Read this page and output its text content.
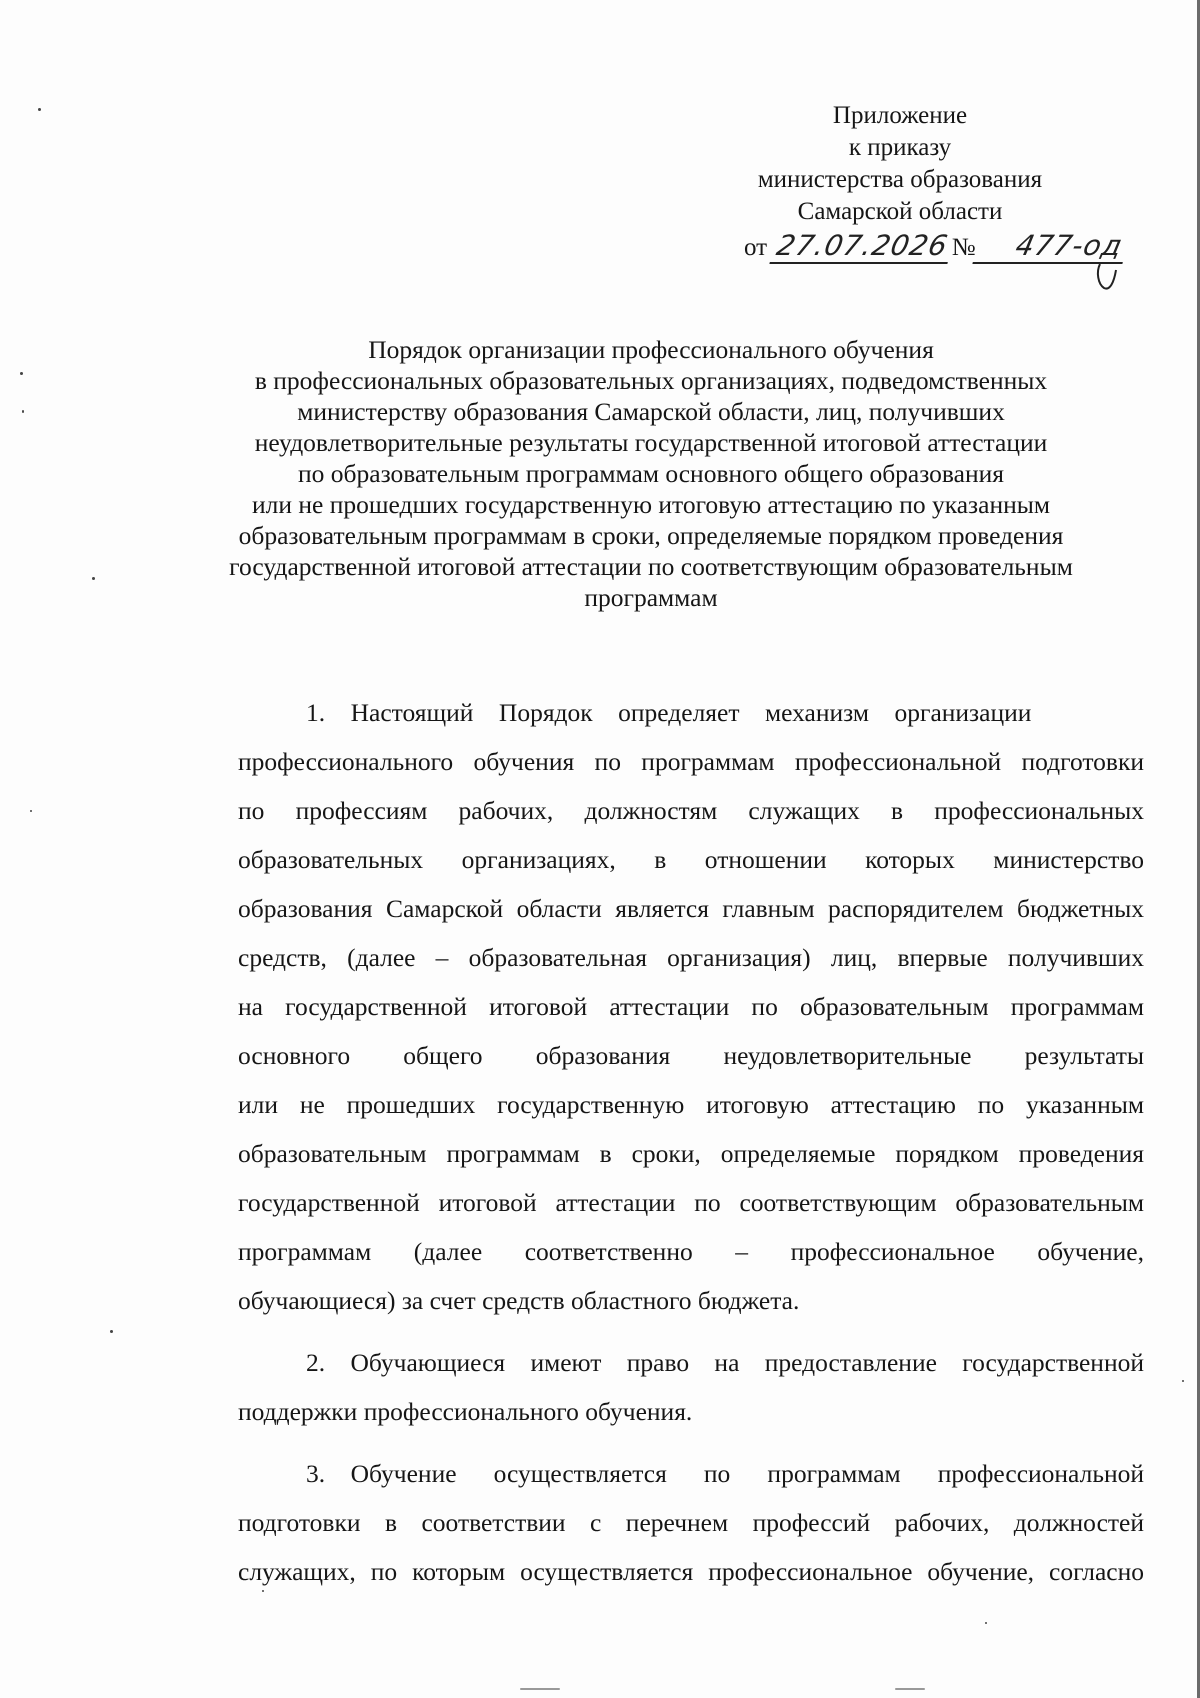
Приложение
к приказу
министерства образования
Самарской области
от 27.07.2026№ 477-од
Порядок организации профессионального обучения
в профессиональных образовательных организациях, подведомственных
министерству образования Самарской области, лиц, получивших
неудовлетворительные результаты государственной итоговой аттестации
по образовательным программам основного общего образования
или не прошедших государственную итоговую аттестацию по указанным
образовательным программам в сроки, определяемые порядком проведения
государственной итоговой аттестации по соответствующим образовательным
программам

1. Настоящий Порядок определяет механизм организации
профессионального обучения по программам профессиональной подготовки
по профессиям рабочих, должностям служащих в профессиональных
образовательных организациях, в отношении которых министерство
образования Самарской области является главным распорядителем бюджетных
средств, (далее – образовательная организация) лиц, впервые получивших
на государственной итоговой аттестации по образовательным программам
основного общего образования неудовлетворительные результаты
или не прошедших государственную итоговую аттестацию по указанным
образовательным программам в сроки, определяемые порядком проведения
государственной итоговой аттестации по соответствующим образовательным
программам (далее соответственно – профессиональное обучение,
обучающиеся) за счет средств областного бюджета.

2. Обучающиеся имеют право на предоставление государственной
поддержки профессионального обучения.

3. Обучение осуществляется по программам профессиональной
подготовки в соответствии с перечнем профессий рабочих, должностей
служащих, по которым осуществляется профессиональное обучение, согласно
